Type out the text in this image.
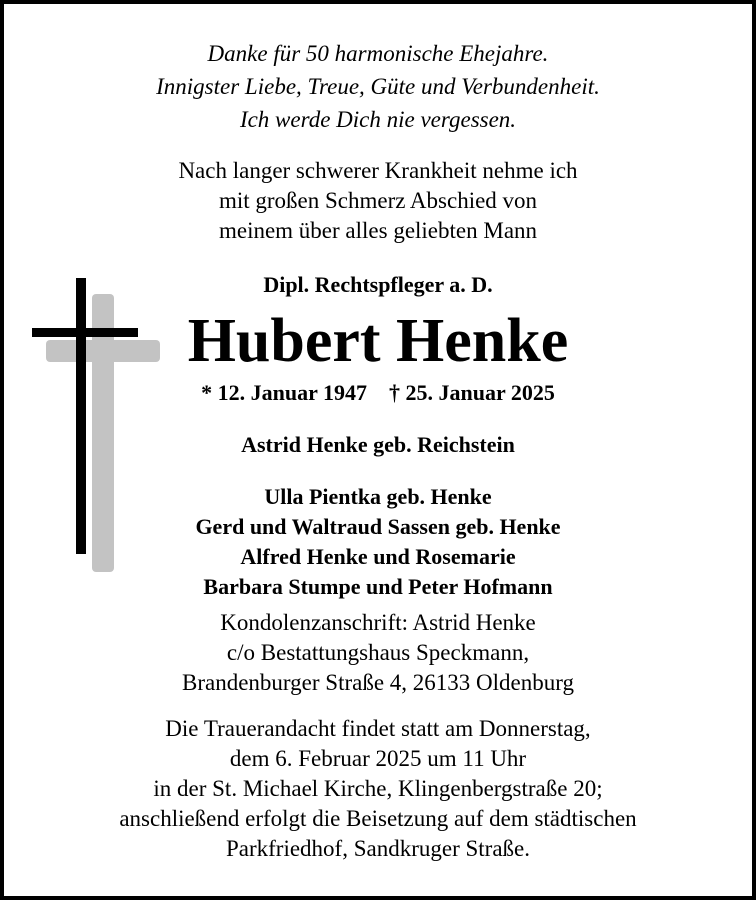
Danke für 50 harmonische Ehejahre.
Innigster Liebe, Treue, Güte und Verbundenheit.
Ich werde Dich nie vergessen.
Nach langer schwerer Krankheit nehme ich
mit großen Schmerz Abschied von
meinem über alles geliebten Mann
Dipl. Rechtspfleger a. D.
Hubert Henke
* 12. Januar 1947 † 25. Januar 2025
Astrid Henke geb. Reichstein
Ulla Pientka geb. Henke
Gerd und Waltraud Sassen geb. Henke
Alfred Henke und Rosemarie
Barbara Stumpe und Peter Hofmann
Kondolenzanschrift: Astrid Henke
c/o Bestattungshaus Speckmann,
Brandenburger Straße 4, 26133 Oldenburg
Die Trauerandacht findet statt am Donnerstag,
dem 6. Februar 2025 um 11 Uhr
in der St. Michael Kirche, Klingenbergstraße 20;
anschließend erfolgt die Beisetzung auf dem städtischen
Parkfriedhof, Sandkruger Straße.
